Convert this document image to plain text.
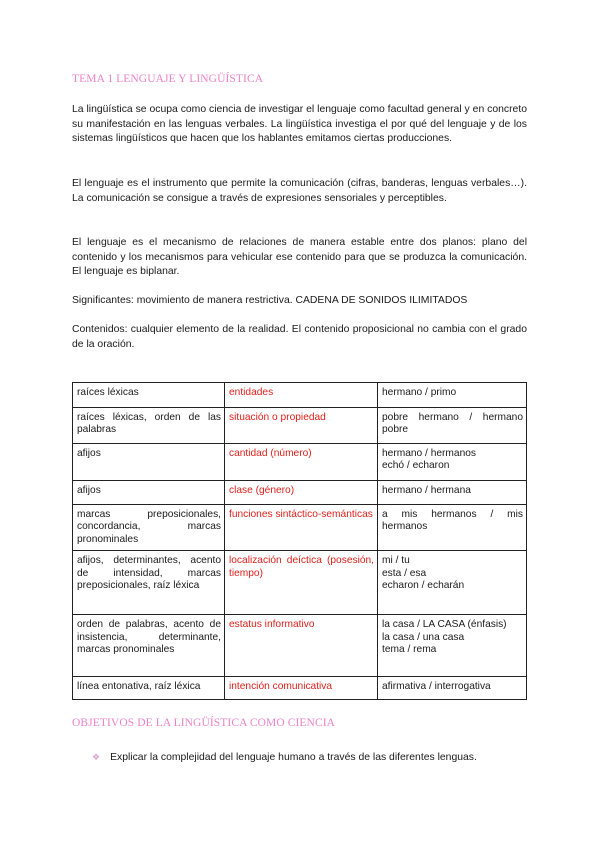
TEMA 1 LENGUAJE Y LINGÜÍSTICA

La lingüística se ocupa como ciencia de investigar el lenguaje como facultad general y en concreto su manifestación en las lenguas verbales. La lingüística investiga el por qué del lenguaje y de los sistemas lingüísticos que hacen que los hablantes emitamos ciertas producciones.

El lenguaje es el instrumento que permite la comunicación (cifras, banderas, lenguas verbales…). La comunicación se consigue a través de expresiones sensoriales y perceptibles.

El lenguaje es el mecanismo de relaciones de manera estable entre dos planos: plano del contenido y los mecanismos para vehicular ese contenido para que se produzca la comunicación. El lenguaje es biplanar.

Significantes: movimiento de manera restrictiva. CADENA DE SONIDOS ILIMITADOS

Contenidos: cualquier elemento de la realidad. El contenido proposicional no cambia con el grado de la oración.

raíces léxicas	entidades	hermano / primo

raíces léxicas, orden de las palabras	situación o propiedad	pobre hermano / hermano pobre

afijos	cantidad (número)	hermano / hermanos
echó / echaron

afijos	clase (género)	hermano / hermana

marcas preposicionales, concordancia, marcas pronominales	funciones sintáctico-semánticas	a mis hermanos / mis hermanos

afijos, determinantes, acento de intensidad, marcas preposicionales, raíz léxica	localización deíctica (posesión, tiempo)	mi / tu
esta / esa
echaron / echarán

orden de palabras, acento de insistencia, determinante, marcas pronominales	estatus informativo	la casa / LA CASA (énfasis)
la casa / una casa
tema / rema

línea entonativa, raíz léxica	intención comunicativa	afirmativa / interrogativa
OBJETIVOS DE LA LINGÜÍSTICA COMO CIENCIA
❖ Explicar la complejidad del lenguaje humano a través de las diferentes lenguas.
